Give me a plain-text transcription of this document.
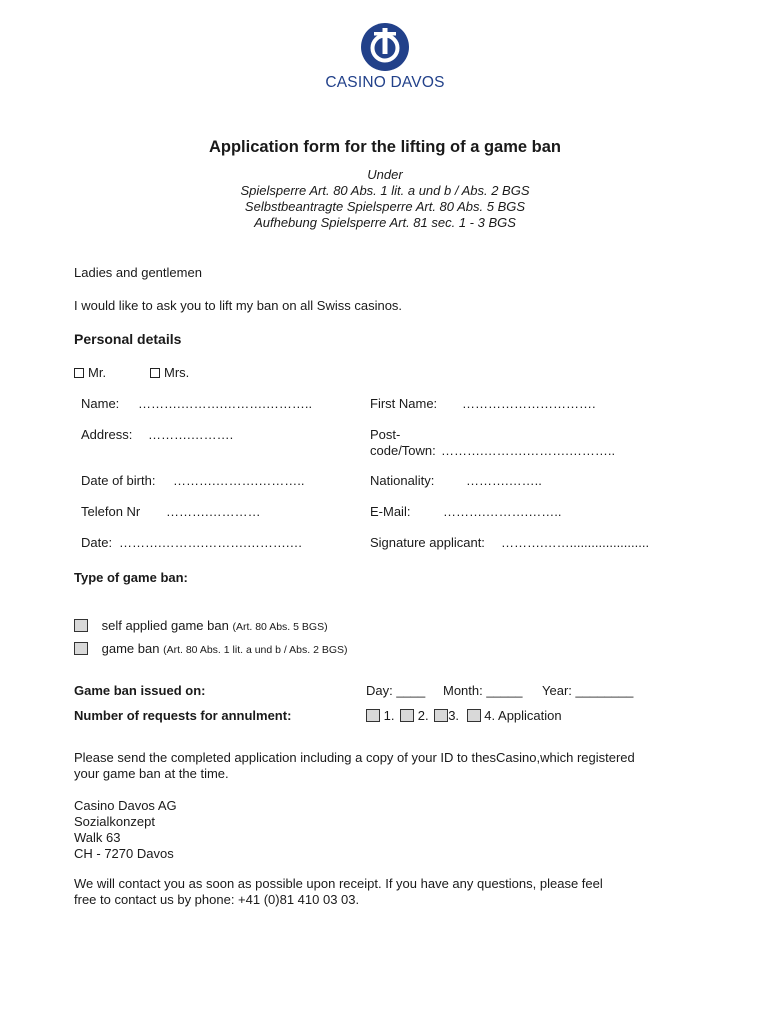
CASINO DAVOS
Application form for the lifting of a game ban
Under
Spielsperre Art. 80 Abs. 1 lit. a und b / Abs. 2 BGS
Selbstbeantragte Spielsperre Art. 80 Abs. 5 BGS
Aufhebung Spielsperre Art. 81 sec. 1 - 3 BGS
Ladies and gentlemen
I would like to ask you to lift my ban on all Swiss casinos.
Personal details
Mr.	Mrs.
Name: ……….……….……….………..	First Name: ………………………….
Address: ……….……….	Post-
code/Town: ……….……….……….………..
Date of birth: ……….……….………..	Nationality: ……….……..
Telefon Nr ……….…………	E-Mail:	……….……….……..
Date: ……….……….……….……….…	Signature applicant: ……….……......................
Type of game ban:
self applied game ban (Art. 80 Abs. 5 BGS)
game ban (Art. 80 Abs. 1 lit. a und b / Abs. 2 BGS)
Game ban issued on:	Day: ____ Month: _____ Year: ________
Number of requests for annulment:	1. 2. 3. 4. Application
Please send the completed application including a copy of your ID to thesCasino,which registered
your game ban at the time.
Casino Davos AG
Sozialkonzept
Walk 63
CH - 7270 Davos
We will contact you as soon as possible upon receipt. If you have any questions, please feel
free to contact us by phone: +41 (0)81 410 03 03.
